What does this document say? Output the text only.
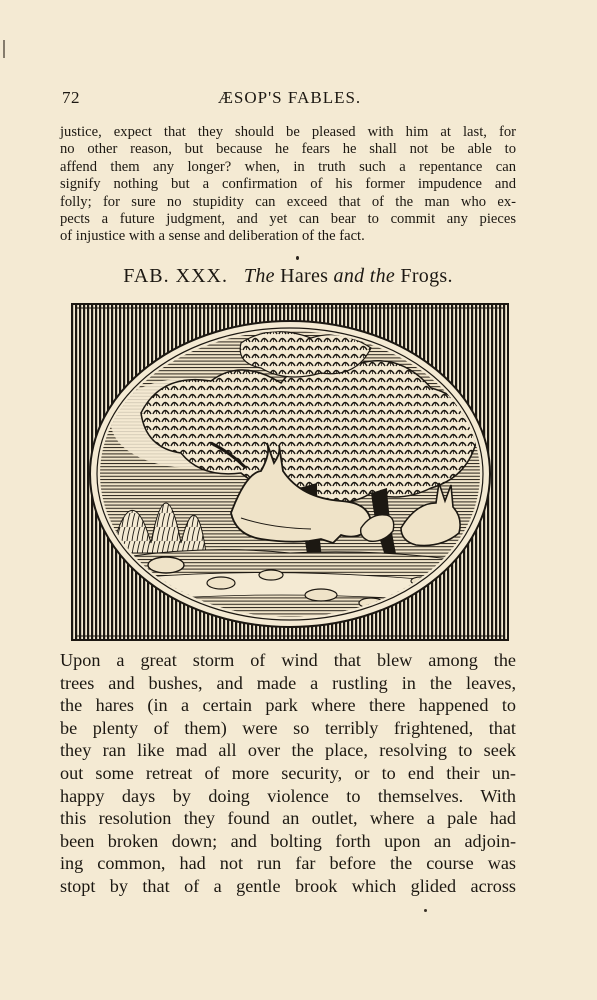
72	ÆSOP'S FABLES.
justice, expect that they should be pleased with him at last, for
no other reason, but because he fears he shall not be able to
affend them any longer? when, in truth such a repentance can
signify nothing but a confirmation of his former impudence and
folly; for sure no stupidity can exceed that of the man who ex-
pects a future judgment, and yet can bear to commit any pieces
of injustice with a sense and deliberation of the fact.
FAB. XXX. The Hares and the Frogs.
Upon a great storm of wind that blew among the
trees and bushes, and made a rustling in the leaves,
the hares (in a certain park where there happened to
be plenty of them) were so terribly frightened, that
they ran like mad all over the place, resolving to seek
out some retreat of more security, or to end their un-
happy days by doing violence to themselves. With
this resolution they found an outlet, where a pale had
been broken down; and bolting forth upon an adjoin-
ing common, had not run far before the course was
stopt by that of a gentle brook which glided across
